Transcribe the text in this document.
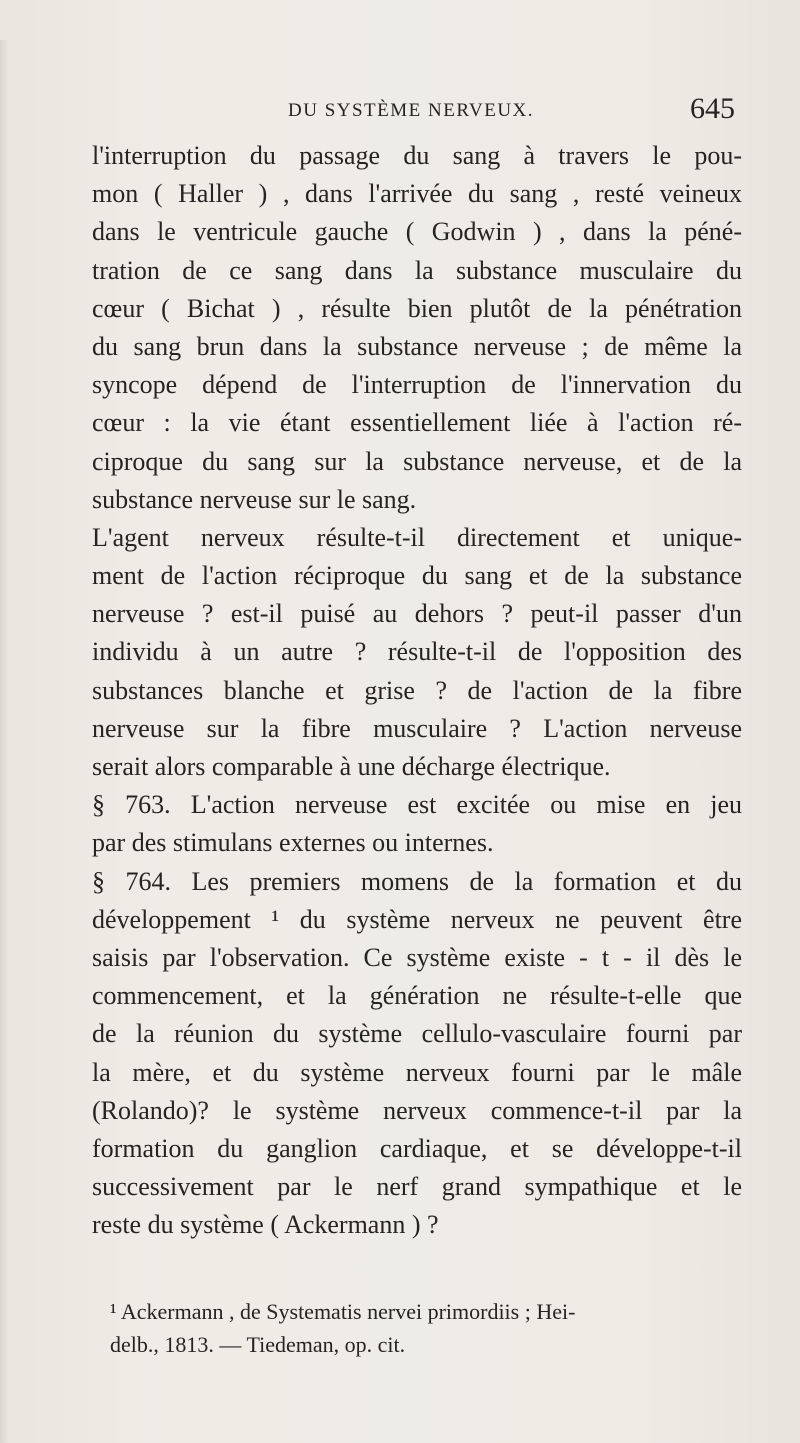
DU SYSTÈME NERVEUX.	645
l'interruption du passage du sang à travers le pou-
mon ( Haller ) , dans l'arrivée du sang , resté veineux
dans le ventricule gauche ( Godwin ) , dans la péné-
tration de ce sang dans la substance musculaire du
cœur ( Bichat ) , résulte bien plutôt de la pénétration
du sang brun dans la substance nerveuse ; de même la
syncope dépend de l'interruption de l'innervation du
cœur : la vie étant essentiellement liée à l'action ré-
ciproque du sang sur la substance nerveuse, et de la
substance nerveuse sur le sang.
L'agent nerveux résulte-t-il directement et unique-
ment de l'action réciproque du sang et de la substance
nerveuse ? est-il puisé au dehors ? peut-il passer d'un
individu à un autre ? résulte-t-il de l'opposition des
substances blanche et grise ? de l'action de la fibre
nerveuse sur la fibre musculaire ? L'action nerveuse
serait alors comparable à une décharge électrique.
§ 763. L'action nerveuse est excitée ou mise en jeu
par des stimulans externes ou internes.
§ 764. Les premiers momens de la formation et du
développement ¹ du système nerveux ne peuvent être
saisis par l'observation. Ce système existe - t - il dès le
commencement, et la génération ne résulte-t-elle que
de la réunion du système cellulo-vasculaire fourni par
la mère, et du système nerveux fourni par le mâle
(Rolando)? le système nerveux commence-t-il par la
formation du ganglion cardiaque, et se développe-t-il
successivement par le nerf grand sympathique et le
reste du système ( Ackermann ) ?
¹ Ackermann , de Systematis nervei primordiis ; Hei-
delb., 1813. — Tiedeman, op. cit.
